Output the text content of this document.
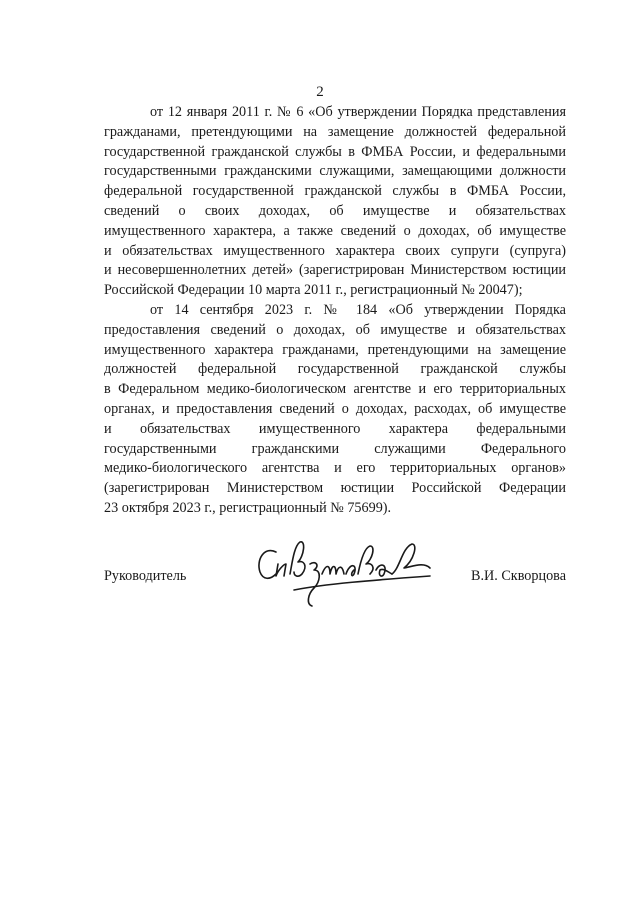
2
от 12 января 2011 г. № 6 «Об утверждении Порядка представления
гражданами, претендующими на замещение должностей федеральной
государственной гражданской службы в ФМБА России, и федеральными
государственными гражданскими служащими, замещающими должности
федеральной государственной гражданской службы в ФМБА России,
сведений о своих доходах, об имуществе и обязательствах
имущественного характера, а также сведений о доходах, об имуществе
и обязательствах имущественного характера своих супруги (супруга)
и несовершеннолетних детей» (зарегистрирован Министерством юстиции
Российской Федерации 10 марта 2011 г., регистрационный № 20047);
от 14 сентября 2023 г. № 184 «Об утверждении Порядка
предоставления сведений о доходах, об имуществе и обязательствах
имущественного характера гражданами, претендующими на замещение
должностей федеральной государственной гражданской службы
в Федеральном медико-биологическом агентстве и его территориальных
органах, и предоставления сведений о доходах, расходах, об имуществе
и обязательствах имущественного характера федеральными
государственными гражданскими служащими Федерального
медико-биологического агентства и его территориальных органов»
(зарегистрирован Министерством юстиции Российской Федерации
23 октября 2023 г., регистрационный № 75699).
Руководитель	В.И. Скворцова
